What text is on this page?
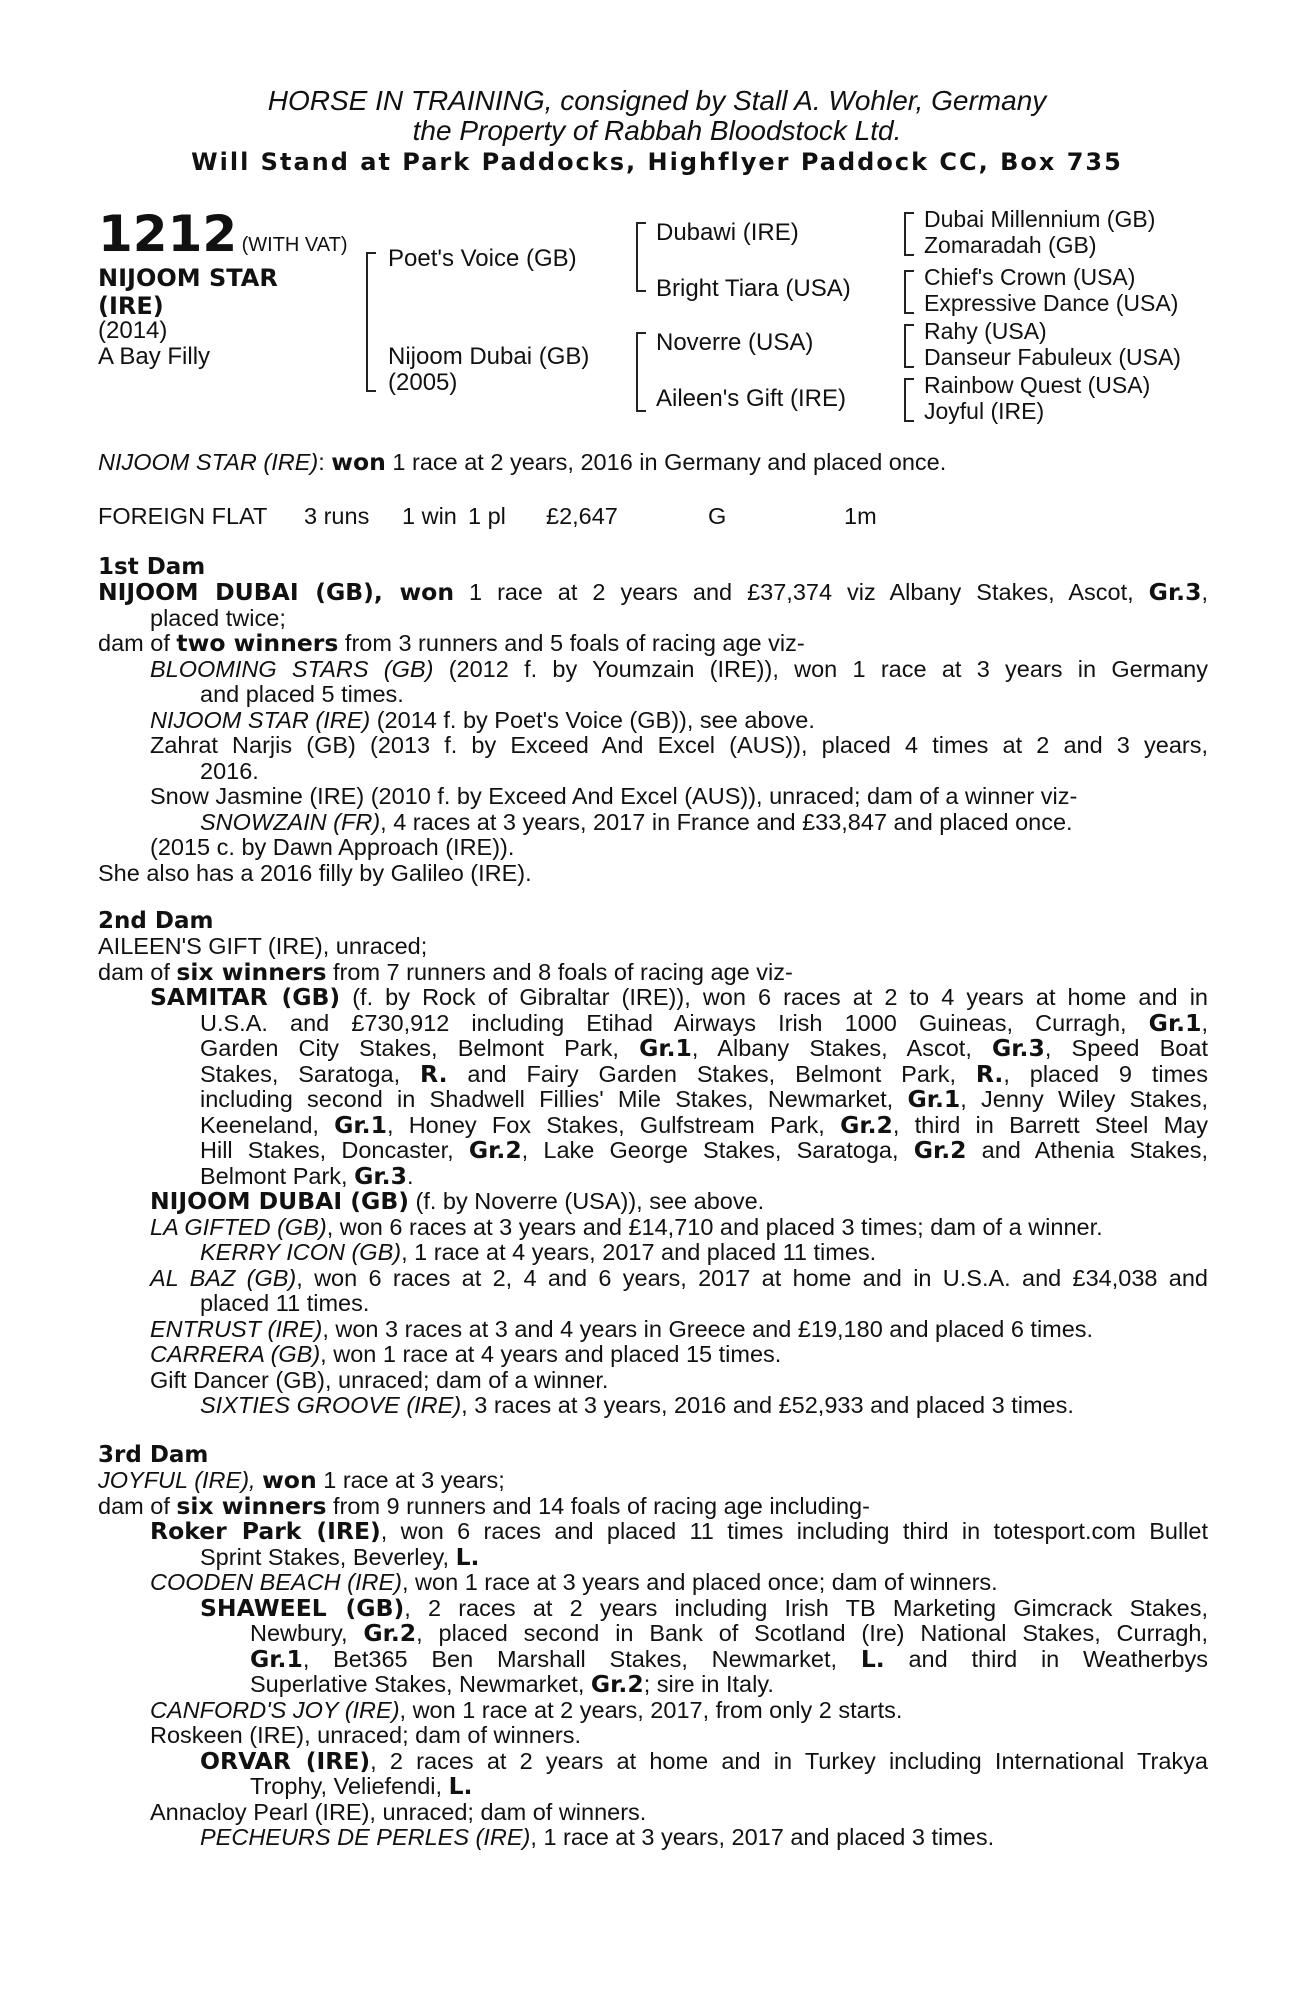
HORSE IN TRAINING, consigned by Stall A. Wohler, Germany
the Property of Rabbah Bloodstock Ltd.
Will Stand at Park Paddocks, Highflyer Paddock CC, Box 735
1212 (WITH VAT)
NIJOOM STAR
(IRE)
(2014)
A Bay Filly
Poet's Voice (GB)
Nijoom Dubai (GB)
(2005)
Dubawi (IRE)
Bright Tiara (USA)
Noverre (USA)
Aileen's Gift (IRE)
Dubai Millennium (GB)
Zomaradah (GB)
Chief's Crown (USA)
Expressive Dance (USA)
Rahy (USA)
Danseur Fabuleux (USA)
Rainbow Quest (USA)
Joyful (IRE)
NIJOOM STAR (IRE): won 1 race at 2 years, 2016 in Germany and placed once.
FOREIGN FLAT 3 runs 1 win 1 pl £2,647	G	1m
1st Dam
NIJOOM DUBAI (GB), won 1 race at 2 years and £37,374 viz Albany Stakes, Ascot, Gr.3,
placed twice;
dam of two winners from 3 runners and 5 foals of racing age viz-
BLOOMING STARS (GB) (2012 f. by Youmzain (IRE)), won 1 race at 3 years in Germany
and placed 5 times.
NIJOOM STAR (IRE) (2014 f. by Poet's Voice (GB)), see above.
Zahrat Narjis (GB) (2013 f. by Exceed And Excel (AUS)), placed 4 times at 2 and 3 years,
2016.
Snow Jasmine (IRE) (2010 f. by Exceed And Excel (AUS)), unraced; dam of a winner viz-
SNOWZAIN (FR), 4 races at 3 years, 2017 in France and £33,847 and placed once.
(2015 c. by Dawn Approach (IRE)).
She also has a 2016 filly by Galileo (IRE).
2nd Dam
AILEEN'S GIFT (IRE), unraced;
dam of six winners from 7 runners and 8 foals of racing age viz-
SAMITAR (GB) (f. by Rock of Gibraltar (IRE)), won 6 races at 2 to 4 years at home and in
U.S.A. and £730,912 including Etihad Airways Irish 1000 Guineas, Curragh, Gr.1,
Garden City Stakes, Belmont Park, Gr.1, Albany Stakes, Ascot, Gr.3, Speed Boat
Stakes, Saratoga, R. and Fairy Garden Stakes, Belmont Park, R., placed 9 times
including second in Shadwell Fillies' Mile Stakes, Newmarket, Gr.1, Jenny Wiley Stakes,
Keeneland, Gr.1, Honey Fox Stakes, Gulfstream Park, Gr.2, third in Barrett Steel May
Hill Stakes, Doncaster, Gr.2, Lake George Stakes, Saratoga, Gr.2 and Athenia Stakes,
Belmont Park, Gr.3.
NIJOOM DUBAI (GB) (f. by Noverre (USA)), see above.
LA GIFTED (GB), won 6 races at 3 years and £14,710 and placed 3 times; dam of a winner.
KERRY ICON (GB), 1 race at 4 years, 2017 and placed 11 times.
AL BAZ (GB), won 6 races at 2, 4 and 6 years, 2017 at home and in U.S.A. and £34,038 and
placed 11 times.
ENTRUST (IRE), won 3 races at 3 and 4 years in Greece and £19,180 and placed 6 times.
CARRERA (GB), won 1 race at 4 years and placed 15 times.
Gift Dancer (GB), unraced; dam of a winner.
SIXTIES GROOVE (IRE), 3 races at 3 years, 2016 and £52,933 and placed 3 times.
3rd Dam
JOYFUL (IRE), won 1 race at 3 years;
dam of six winners from 9 runners and 14 foals of racing age including-
Roker Park (IRE), won 6 races and placed 11 times including third in totesport.com Bullet
Sprint Stakes, Beverley, L.
COODEN BEACH (IRE), won 1 race at 3 years and placed once; dam of winners.
SHAWEEL (GB), 2 races at 2 years including Irish TB Marketing Gimcrack Stakes,
Newbury, Gr.2, placed second in Bank of Scotland (Ire) National Stakes, Curragh,
Gr.1, Bet365 Ben Marshall Stakes, Newmarket, L. and third in Weatherbys
Superlative Stakes, Newmarket, Gr.2; sire in Italy.
CANFORD'S JOY (IRE), won 1 race at 2 years, 2017, from only 2 starts.
Roskeen (IRE), unraced; dam of winners.
ORVAR (IRE), 2 races at 2 years at home and in Turkey including International Trakya
Trophy, Veliefendi, L.
Annacloy Pearl (IRE), unraced; dam of winners.
PECHEURS DE PERLES (IRE), 1 race at 3 years, 2017 and placed 3 times.
